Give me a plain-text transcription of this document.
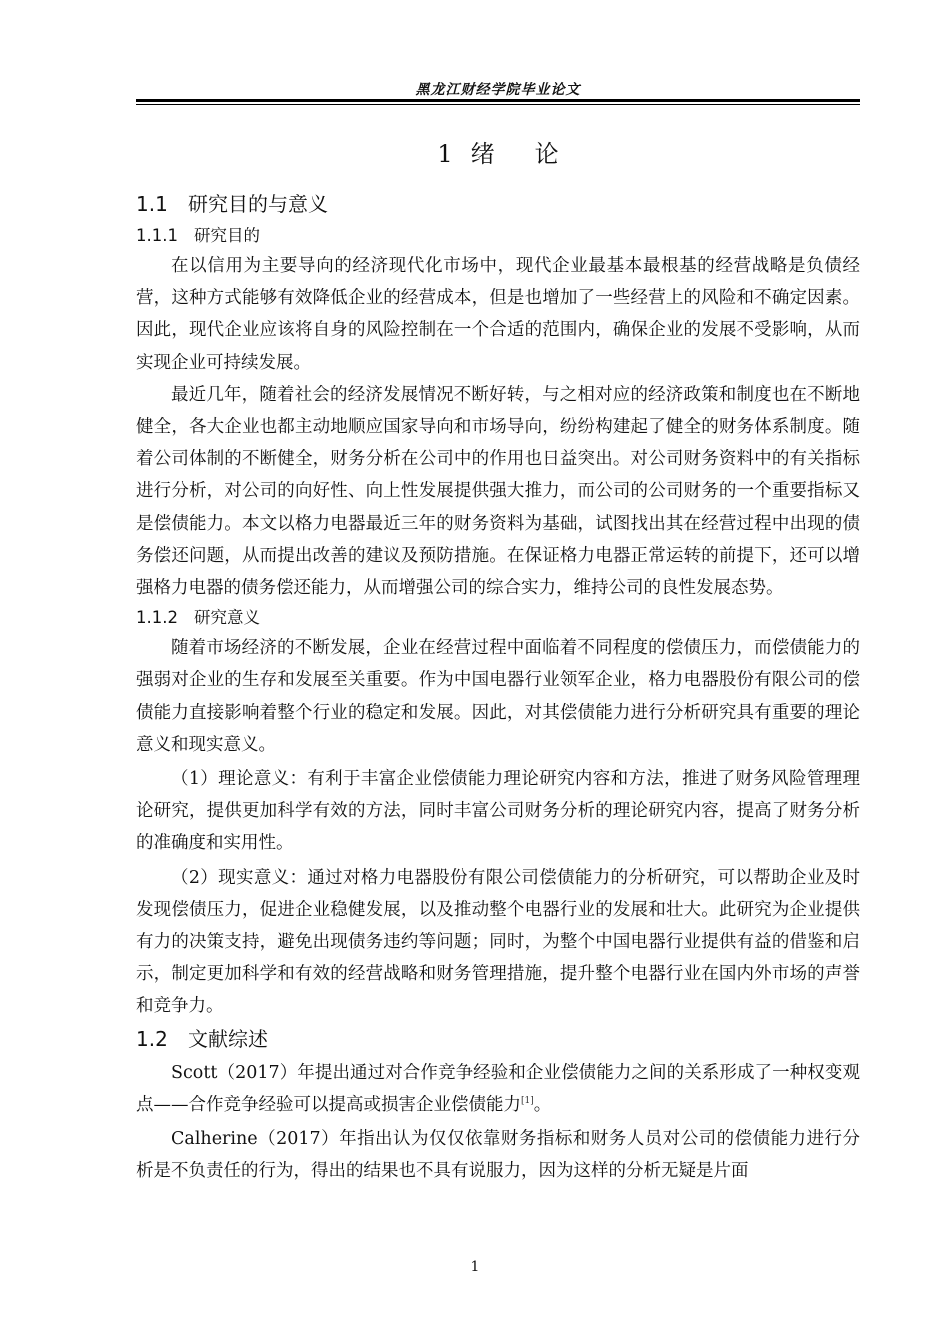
黑龙江财经学院毕业论文
1 绪 论
1.1 研究目的与意义
1.1.1 研究目的

在以信用为主要导向的经济现代化市场中，现代企业最基本最根基的经营战略是负债经营，这种方式能够有效降低企业的经营成本，但是也增加了一些经营上的风险和不确定因素。因此，现代企业应该将自身的风险控制在一个合适的范围内，确保企业的发展不受影响，从而实现企业可持续发展。

最近几年，随着社会的经济发展情况不断好转，与之相对应的经济政策和制度也在不断地健全，各大企业也都主动地顺应国家导向和市场导向，纷纷构建起了健全的财务体系制度。随着公司体制的不断健全，财务分析在公司中的作用也日益突出。对公司财务资料中的有关指标进行分析，对公司的向好性、向上性发展提供强大推力，而公司的公司财务的一个重要指标又是偿债能力。本文以格力电器最近三年的财务资料为基础，试图找出其在经营过程中出现的债务偿还问题，从而提出改善的建议及预防措施。在保证格力电器正常运转的前提下，还可以增强格力电器的债务偿还能力，从而增强公司的综合实力，维持公司的良性发展态势。

1.1.2 研究意义

随着市场经济的不断发展，企业在经营过程中面临着不同程度的偿债压力，而偿债能力的强弱对企业的生存和发展至关重要。作为中国电器行业领军企业，格力电器股份有限公司的偿债能力直接影响着整个行业的稳定和发展。因此，对其偿债能力进行分析研究具有重要的理论意义和现实意义。

（1）理论意义：有利于丰富企业偿债能力理论研究内容和方法，推进了财务风险管理理论研究，提供更加科学有效的方法，同时丰富公司财务分析的理论研究内容，提高了财务分析的准确度和实用性。

（2）现实意义：通过对格力电器股份有限公司偿债能力的分析研究，可以帮助企业及时发现偿债压力，促进企业稳健发展，以及推动整个电器行业的发展和壮大。此研究为企业提供有力的决策支持，避免出现债务违约等问题；同时，为整个中国电器行业提供有益的借鉴和启示，制定更加科学和有效的经营战略和财务管理措施，提升整个电器行业在国内外市场的声誉和竞争力。

1.2 文献综述

Scott（2017）年提出通过对合作竞争经验和企业偿债能力之间的关系形成了一种权变观点——合作竞争经验可以提高或损害企业偿债能力[1]。

Calherine（2017）年指出认为仅仅依靠财务指标和财务人员对公司的偿债能力进行分析是不负责任的行为，得出的结果也不具有说服力，因为这样的分析无疑是片面

1
